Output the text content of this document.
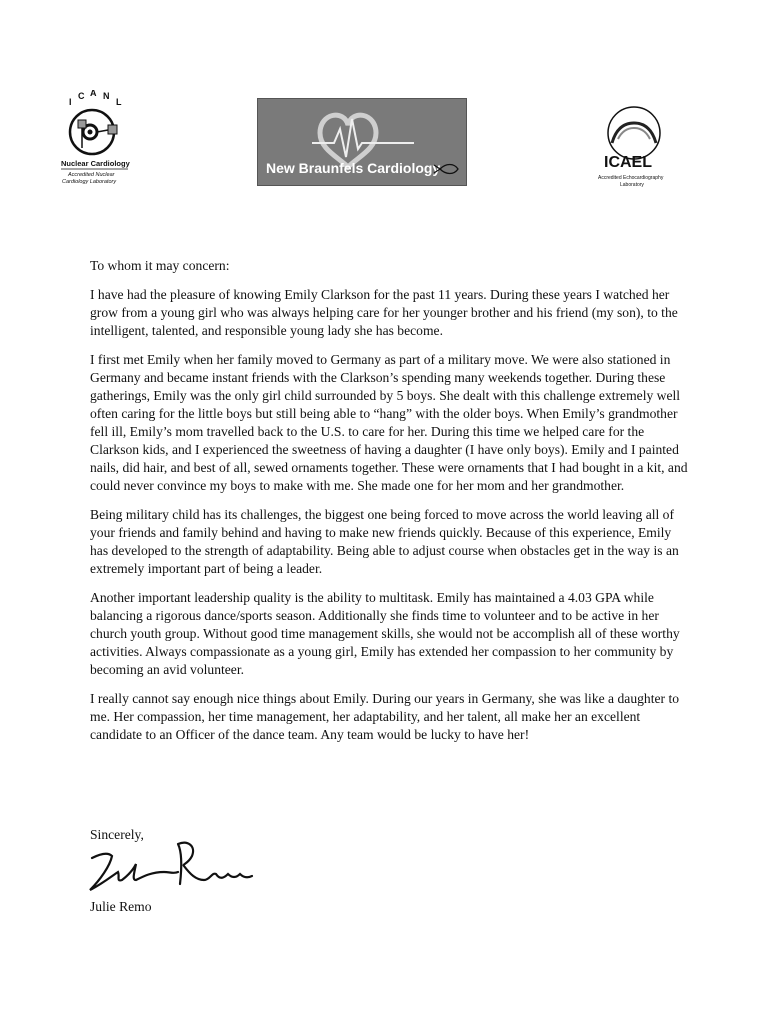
I
C A N
L
Nuclear Cardiology
Accredited Nuclear
Cardiology Laboratory
New Braunfels Cardiology	ICAEL
Accredited Echocardiography
Laboratory

To whom it may concern:

I have had the pleasure of knowing Emily Clarkson for the past 11 years. During these years I watched her grow from a young girl who was always helping care for her younger brother and his friend (my son), to the intelligent, talented, and responsible young lady she has become.

I first met Emily when her family moved to Germany as part of a military move. We were also stationed in Germany and became instant friends with the Clarkson’s spending many weekends together. During these gatherings, Emily was the only girl child surrounded by 5 boys. She dealt with this challenge extremely well often caring for the little boys but still being able to “hang” with the older boys. When Emily’s grandmother fell ill, Emily’s mom travelled back to the U.S. to care for her. During this time we helped care for the Clarkson kids, and I experienced the sweetness of having a daughter (I have only boys). Emily and I painted nails, did hair, and best of all, sewed ornaments together. These were ornaments that I had bought in a kit, and could never convince my boys to make with me. She made one for her mom and her grandmother.

Being military child has its challenges, the biggest one being forced to move across the world leaving all of your friends and family behind and having to make new friends quickly. Because of this experience, Emily has developed to the strength of adaptability. Being able to adjust course when obstacles get in the way is an extremely important part of being a leader.

Another important leadership quality is the ability to multitask. Emily has maintained a 4.03 GPA while balancing a rigorous dance/sports season. Additionally she finds time to volunteer and to be active in her church youth group. Without good time management skills, she would not be accomplish all of these worthy activities. Always compassionate as a young girl, Emily has extended her compassion to her community by becoming an avid volunteer.

I really cannot say enough nice things about Emily. During our years in Germany, she was like a daughter to me. Her compassion, her time management, her adaptability, and her talent, all make her an excellent candidate to an Officer of the dance team. Any team would be lucky to have her!

Sincerely,
Julie Remo
